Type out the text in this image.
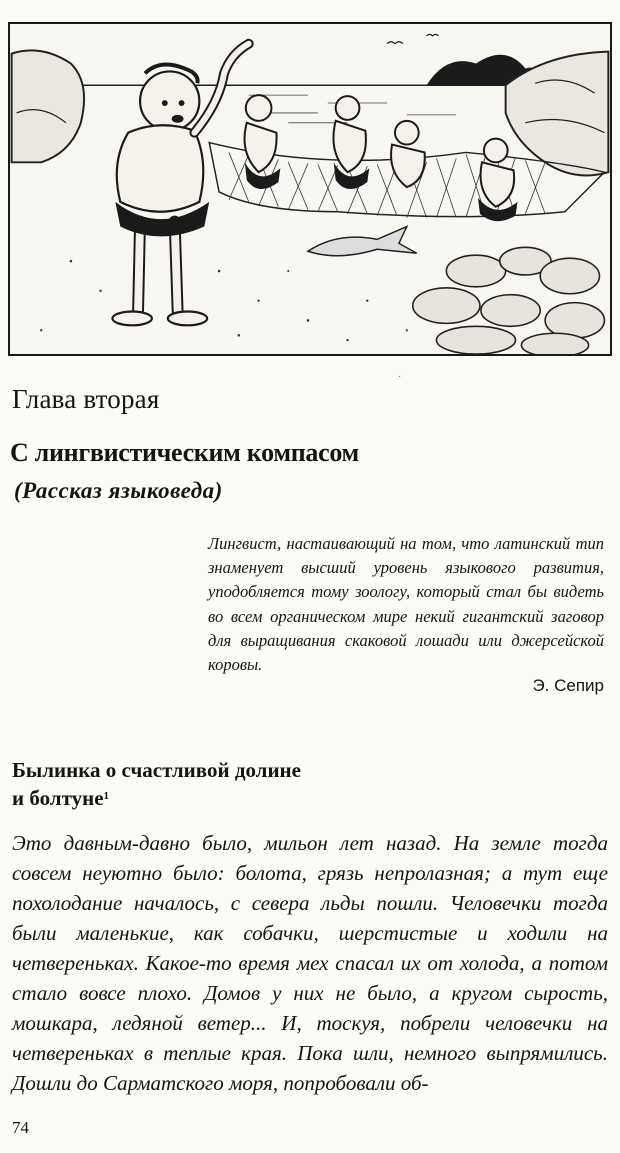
·
Глава вторая
С лингвистическим компасом
(Рассказ языковеда)

Лингвист, настаивающий на том, что латинский тип знаменует высший уровень языкового развития, уподобляется тому зоологу, который стал бы видеть во всем органическом мире некий гигантский заговор для выращивания скаковой лошади или джерсейской коровы.

Э. Сепир
Былинка о счастливой долине
и болтуне$^1$

Это давным-давно было, мильон лет назад. На земле тогда совсем неуютно было: болота, грязь непролазная; а тут еще похолодание началось, с севера льды пошли. Человечки тогда были маленькие, как собачки, шерстистые и ходили на четвереньках. Какое-то время мех спасал их от холода, а потом стало вовсе плохо. Домов у них не было, а кругом сырость, мошкара, ледяной ветер... И, тоскуя, побрели человечки на четвереньках в теплые края. Пока шли, немного выпрямились. Дошли до Сарматского моря, попробовали об-

74
